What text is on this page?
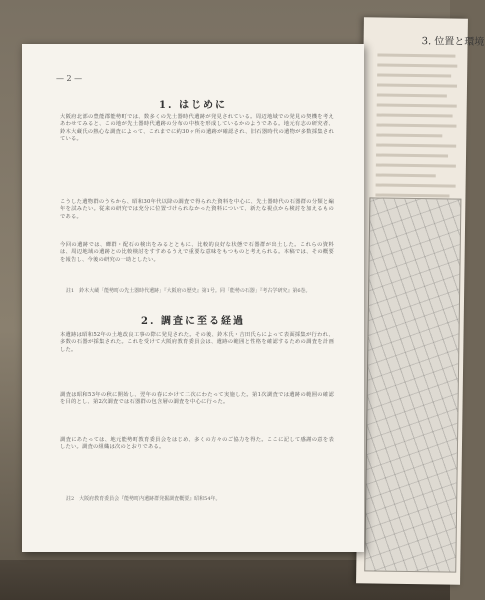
3. 位置と環境
— 2 —
1. はじめに
大阪府北部の豊能郡能勢町では、数多くの先土器時代遺跡が発見されている。周辺地域での発見の契機を考えあわせてみると、この地が先土器時代遺跡の分布の中核を形成しているかのようである。地元有志の研究者、鈴木大蔵氏の熱心な調査によって、これまでに約30ヶ所の遺跡が確認され、旧石器時代の遺物が多数採集されている。
こうした遺物群のうちから、昭和30年代以降の調査で得られた資料を中心に、先土器時代の石器群の分類と編年を試みたい。従来の研究では充分に位置づけられなかった資料について、新たな視点から検討を加えるものである。
今回の遺跡では、礫群・配石の検出をみるとともに、比較的良好な状態で石器群が出土した。これらの資料は、周辺地域の遺跡との比較検討をすすめるうえで重要な意味をもつものと考えられる。本稿では、その概要を報告し、今後の研究の一助としたい。
註1　鈴木大蔵「能勢町の先土器時代遺跡」『大阪府の歴史』第1号。同「能勢の石器」『考古学研究』第6巻。
2. 調査に至る経過
本遺跡は昭和52年の土地改良工事の際に発見された。その後、鈴木氏・吉田氏らによって表面採集が行われ、多数の石器が採集された。これを受けて大阪府教育委員会は、遺跡の範囲と性格を確認するための調査を計画した。
調査は昭和53年の秋に開始し、翌年の春にかけて二次にわたって実施した。第1次調査では遺跡の範囲の確認を目的とし、第2次調査では石器群の包含層の調査を中心に行った。
調査にあたっては、地元能勢町教育委員会をはじめ、多くの方々のご協力を得た。ここに記して感謝の意を表したい。調査の組織は次のとおりである。
註2　大阪府教育委員会『能勢町内遺跡群発掘調査概要』昭和54年。
